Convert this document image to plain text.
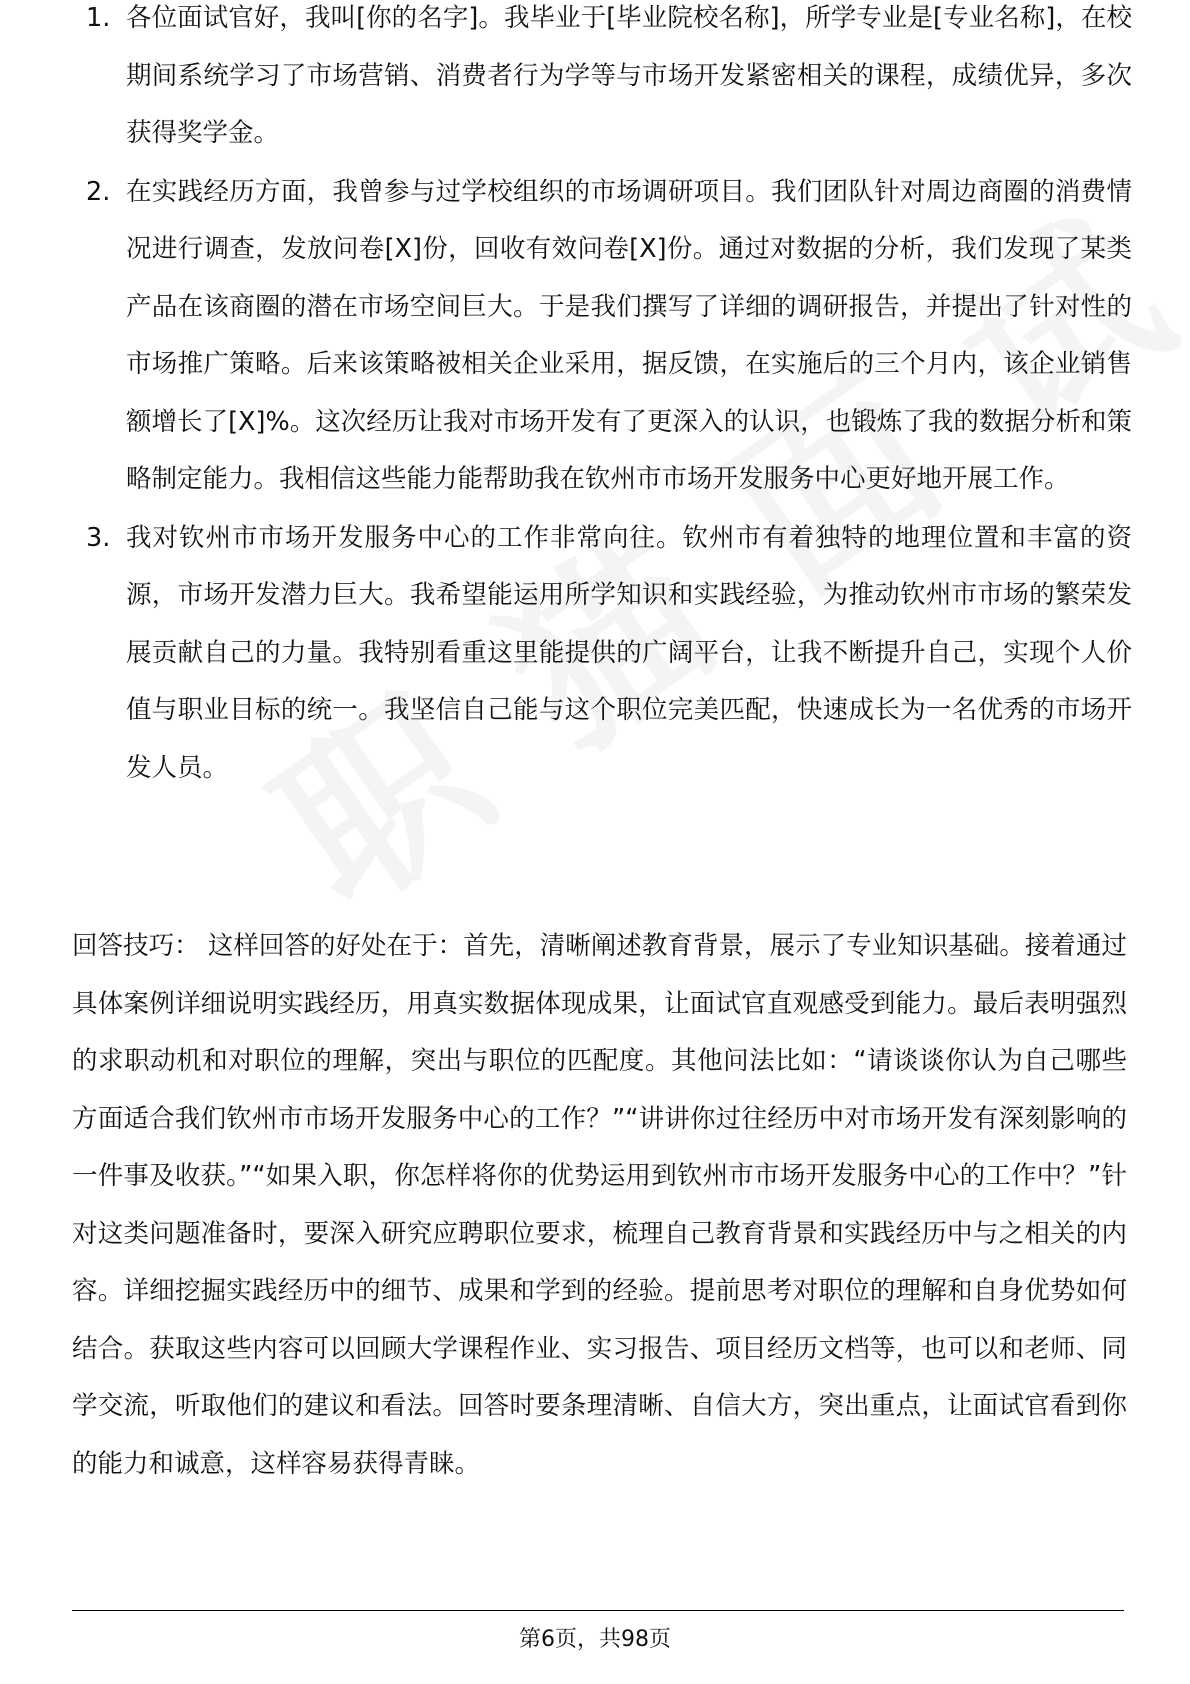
1. 各位面试官好，我叫[你的名字]。我毕业于[毕业院校名称]，所学专业是[专业名称]，在校期间系统学习了市场营销、消费者行为学等与市场开发紧密相关的课程，成绩优异，多次获得奖学金。
2. 在实践经历方面，我曾参与过学校组织的市场调研项目。我们团队针对周边商圈的消费情况进行调查，发放问卷[X]份，回收有效问卷[X]份。通过对数据的分析，我们发现了某类产品在该商圈的潜在市场空间巨大。于是我们撰写了详细的调研报告，并提出了针对性的市场推广策略。后来该策略被相关企业采用，据反馈，在实施后的三个月内，该企业销售额增长了[X]%。这次经历让我对市场开发有了更深入的认识，也锻炼了我的数据分析和策略制定能力。我相信这些能力能帮助我在钦州市市场开发服务中心更好地开展工作。
3. 我对钦州市市场开发服务中心的工作非常向往。钦州市有着独特的地理位置和丰富的资源，市场开发潜力巨大。我希望能运用所学知识和实践经验，为推动钦州市市场的繁荣发展贡献自己的力量。我特别看重这里能提供的广阔平台，让我不断提升自己，实现个人价值与职业目标的统一。我坚信自己能与这个职位完美匹配，快速成长为一名优秀的市场开发人员。

回答技巧： 这样回答的好处在于：首先，清晰阐述教育背景，展示了专业知识基础。接着通过具体案例详细说明实践经历，用真实数据体现成果，让面试官直观感受到能力。最后表明强烈的求职动机和对职位的理解，突出与职位的匹配度。其他问法比如：“请谈谈你认为自己哪些方面适合我们钦州市市场开发服务中心的工作？”“讲讲你过往经历中对市场开发有深刻影响的一件事及收获。”“如果入职，你怎样将你的优势运用到钦州市市场开发服务中心的工作中？”针对这类问题准备时，要深入研究应聘职位要求，梳理自己教育背景和实践经历中与之相关的内容。详细挖掘实践经历中的细节、成果和学到的经验。提前思考对职位的理解和自身优势如何结合。获取这些内容可以回顾大学课程作业、实习报告、项目经历文档等，也可以和老师、同学交流，听取他们的建议和看法。回答时要条理清晰、自信大方，突出重点，让面试官看到你的能力和诚意，这样容易获得青睐。

第6页，共98页
